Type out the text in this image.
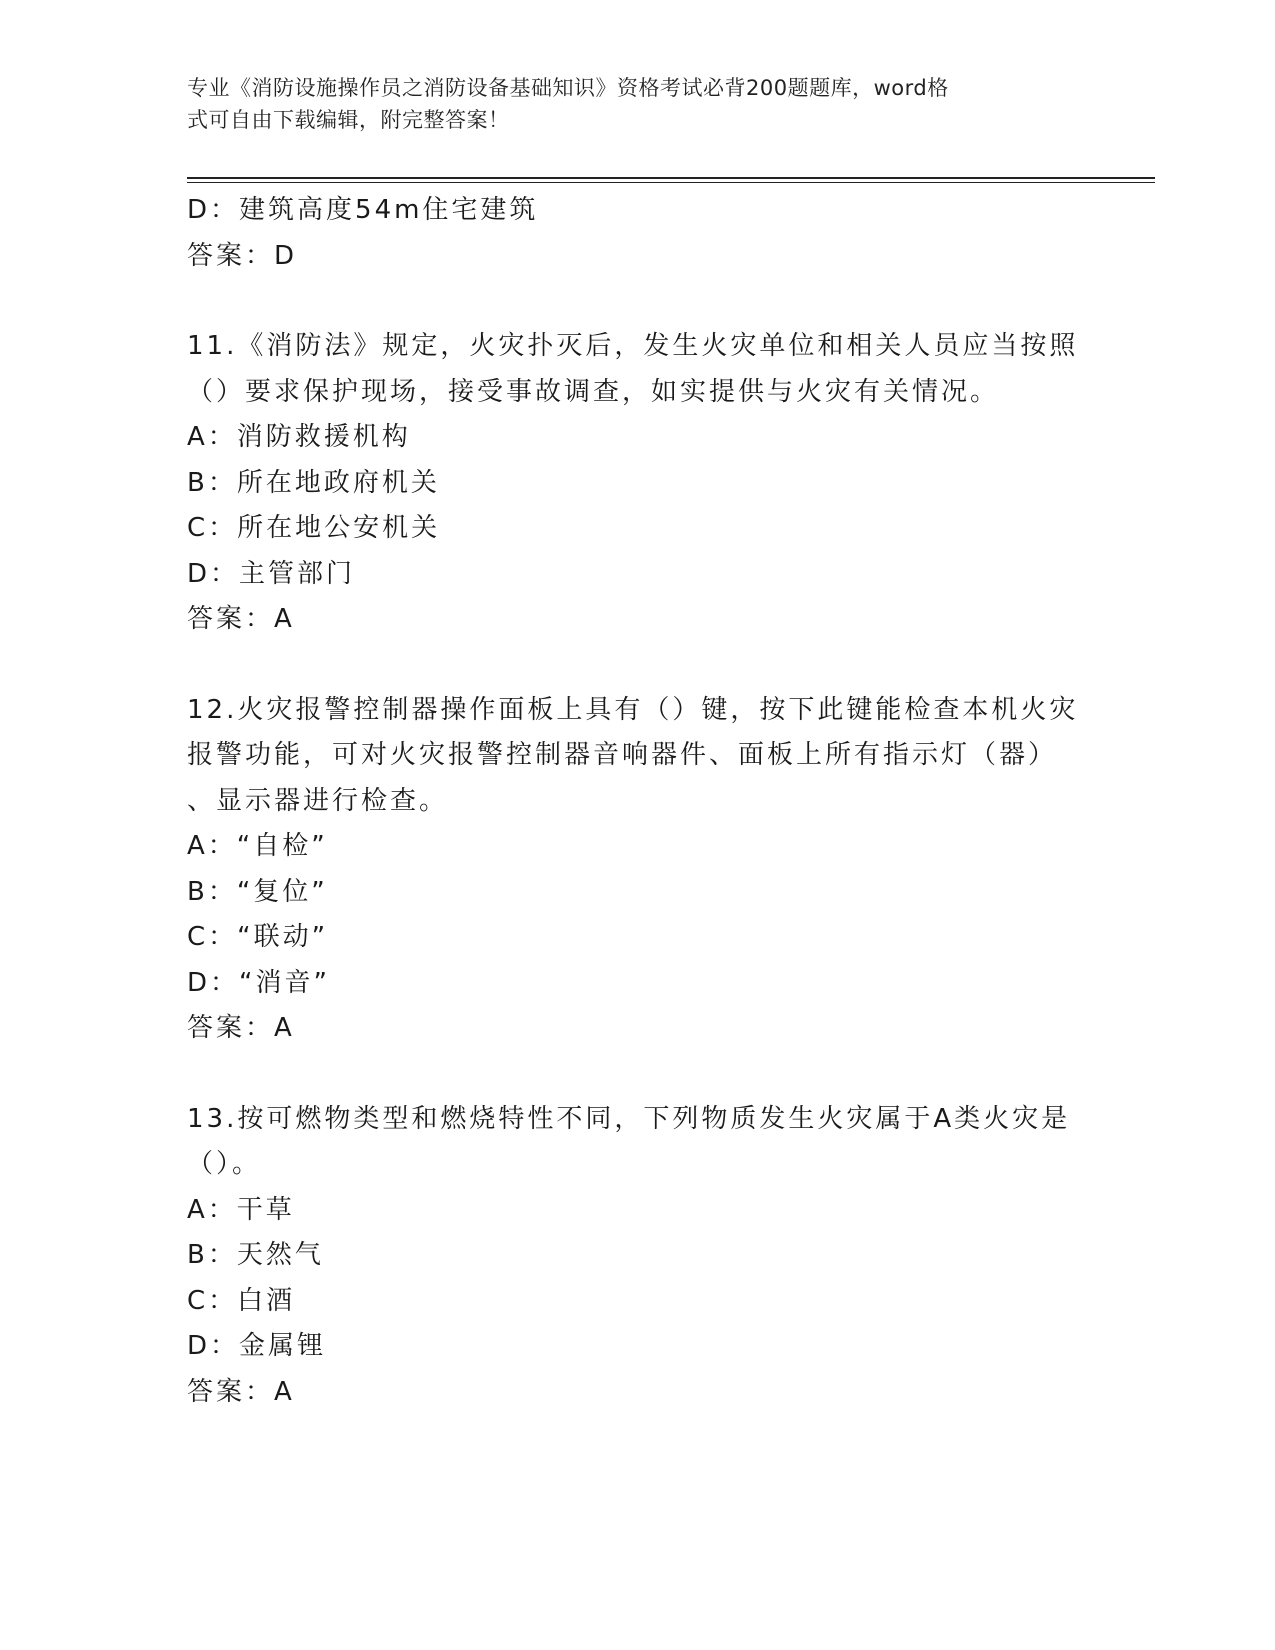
专业《消防设施操作员之消防设备基础知识》资格考试必背200题题库，word格
式可自由下载编辑，附完整答案！
D：建筑高度54m住宅建筑
答案：D
11.《消防法》规定，火灾扑灭后，发生火灾单位和相关人员应当按照
（）要求保护现场，接受事故调查，如实提供与火灾有关情况。
A：消防救援机构
B：所在地政府机关
C：所在地公安机关
D：主管部门
答案：A
12.火灾报警控制器操作面板上具有（）键，按下此键能检查本机火灾
报警功能，可对火灾报警控制器音响器件、面板上所有指示灯（器）
、显示器进行检查。
A：“自检”
B：“复位”
C：“联动”
D：“消音”
答案：A
13.按可燃物类型和燃烧特性不同，下列物质发生火灾属于A类火灾是
（）。
A：干草
B：天然气
C：白酒
D：金属锂
答案：A
